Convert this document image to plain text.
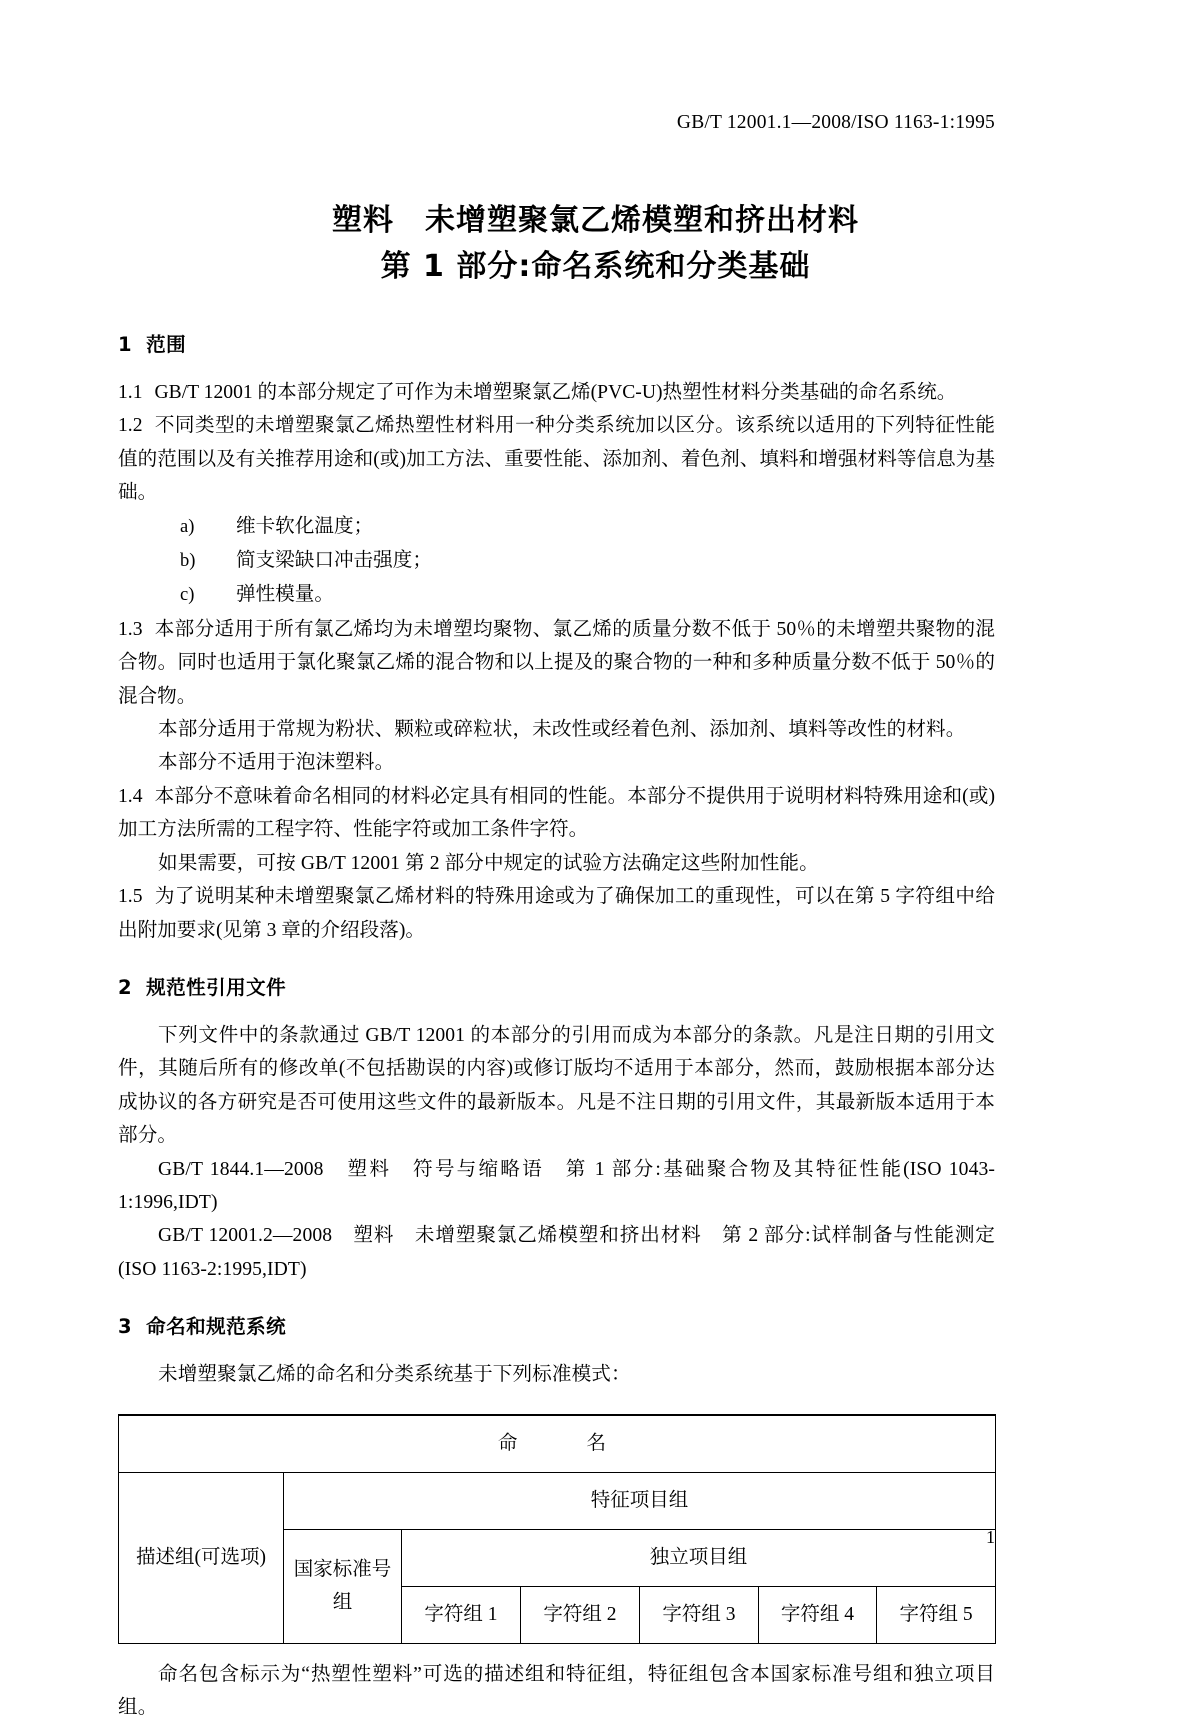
GB/T 12001.1—2008/ISO 1163-1:1995
塑料　未增塑聚氯乙烯模塑和挤出材料
第 1 部分:命名系统和分类基础
1 范围

1.1 GB/T 12001 的本部分规定了可作为未增塑聚氯乙烯(PVC-U)热塑性材料分类基础的命名系统。

1.2 不同类型的未增塑聚氯乙烯热塑性材料用一种分类系统加以区分。该系统以适用的下列特征性能值的范围以及有关推荐用途和(或)加工方法、重要性能、添加剂、着色剂、填料和增强材料等信息为基础。

a) 维卡软化温度；
b) 简支梁缺口冲击强度；
c) 弹性模量。

1.3 本部分适用于所有氯乙烯均为未增塑均聚物、氯乙烯的质量分数不低于 50％的未增塑共聚物的混合物。同时也适用于氯化聚氯乙烯的混合物和以上提及的聚合物的一种和多种质量分数不低于 50％的混合物。

本部分适用于常规为粉状、颗粒或碎粒状，未改性或经着色剂、添加剂、填料等改性的材料。

本部分不适用于泡沫塑料。

1.4 本部分不意味着命名相同的材料必定具有相同的性能。本部分不提供用于说明材料特殊用途和(或)加工方法所需的工程字符、性能字符或加工条件字符。

如果需要，可按 GB/T 12001 第 2 部分中规定的试验方法确定这些附加性能。

1.5 为了说明某种未增塑聚氯乙烯材料的特殊用途或为了确保加工的重现性，可以在第 5 字符组中给出附加要求(见第 3 章的介绍段落)。

2 规范性引用文件

下列文件中的条款通过 GB/T 12001 的本部分的引用而成为本部分的条款。凡是注日期的引用文件，其随后所有的修改单(不包括勘误的内容)或修订版均不适用于本部分，然而，鼓励根据本部分达成协议的各方研究是否可使用这些文件的最新版本。凡是不注日期的引用文件，其最新版本适用于本部分。

GB/T 1844.1—2008　塑料　符号与缩略语　第 1 部分:基础聚合物及其特征性能(ISO 1043-1:1996,IDT)

GB/T 12001.2—2008　塑料　未增塑聚氯乙烯模塑和挤出材料　第 2 部分:试样制备与性能测定(ISO 1163-2:1995,IDT)

3 命名和规范系统

未增塑聚氯乙烯的命名和分类系统基于下列标准模式：

命　　名						
描述组(可选项)	特征项目组					
	国家标准号组	独立项目组				
		字符组 1	字符组 2	字符组 3	字符组 4	字符组 5

命名包含标示为“热塑性塑料”可选的描述组和特征组，特征组包含本国家标准号组和独立项目组。

1
